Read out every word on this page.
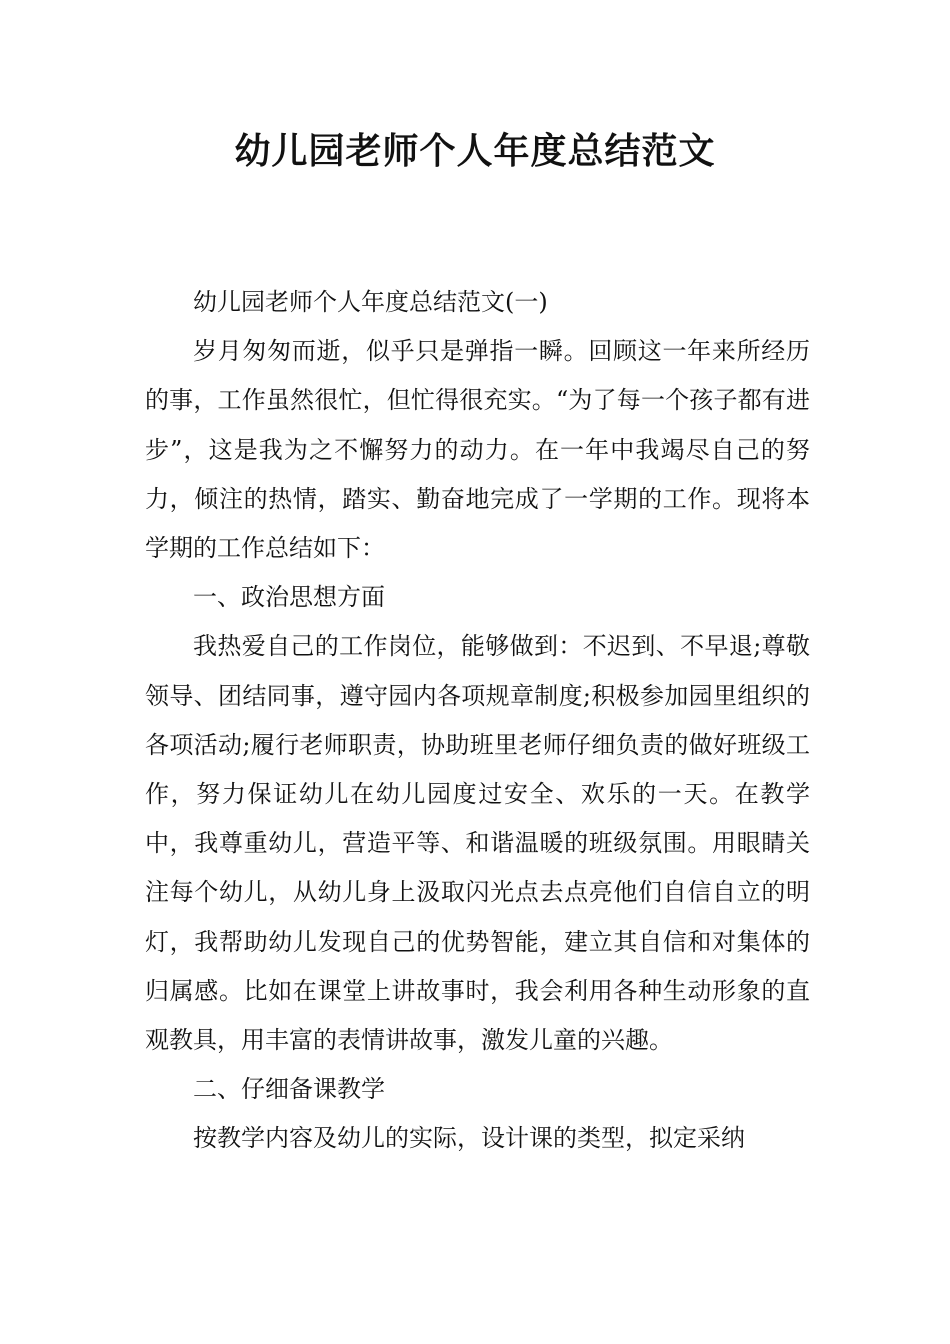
幼儿园老师个人年度总结范文

幼儿园老师个人年度总结范文(一)

岁月匆匆而逝，似乎只是弹指一瞬。回顾这一年来所经历的事，工作虽然很忙，但忙得很充实。“为了每一个孩子都有进步”，这是我为之不懈努力的动力。在一年中我竭尽自己的努力，倾注的热情，踏实、勤奋地完成了一学期的工作。现将本学期的工作总结如下：

一、政治思想方面

我热爱自己的工作岗位，能够做到：不迟到、不早退;尊敬领导、团结同事，遵守园内各项规章制度;积极参加园里组织的各项活动;履行老师职责，协助班里老师仔细负责的做好班级工作，努力保证幼儿在幼儿园度过安全、欢乐的一天。在教学中，我尊重幼儿，营造平等、和谐温暖的班级氛围。用眼睛关注每个幼儿，从幼儿身上汲取闪光点去点亮他们自信自立的明灯，我帮助幼儿发现自己的优势智能，建立其自信和对集体的归属感。比如在课堂上讲故事时，我会利用各种生动形象的直观教具，用丰富的表情讲故事，激发儿童的兴趣。

二、仔细备课教学

按教学内容及幼儿的实际，设计课的类型，拟定采纳
